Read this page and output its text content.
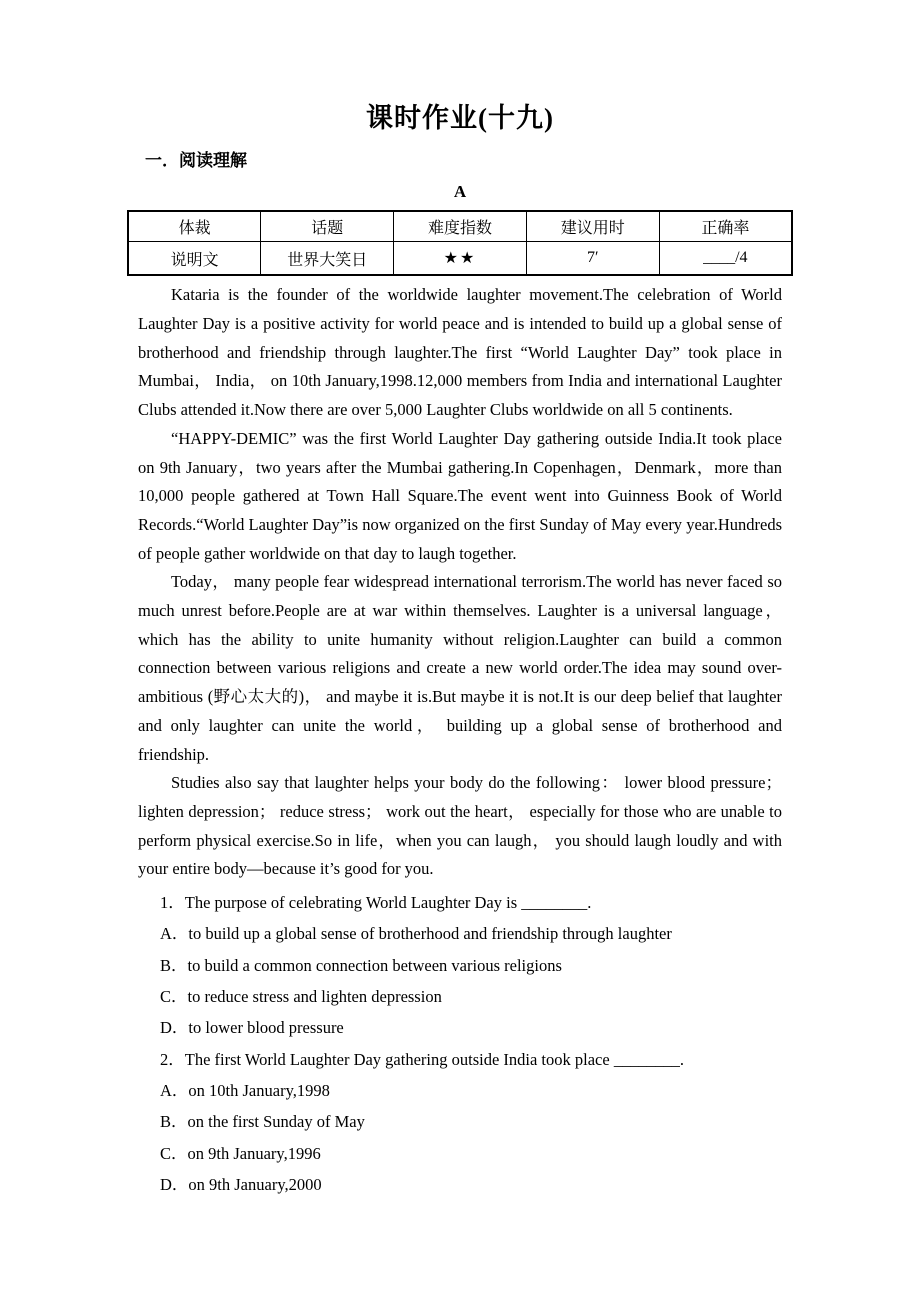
课时作业(十九)
一．阅读理解
A
体裁	话题	难度指数	建议用时	正确率
说明文	世界大笑日	★★	7′	____/4

Kataria is the founder of the worldwide laughter movement.The celebration of World Laughter Day is a positive activity for world peace and is intended to build up a global sense of brotherhood and friendship through laughter.The first “World Laughter Day” took place in Mumbai， India， on 10th January,1998.12,000 members from India and international Laughter Clubs attended it.Now there are over 5,000 Laughter Clubs worldwide on all 5 continents.

“HAPPY-DEMIC” was the first World Laughter Day gathering outside India.It took place on 9th January，two years after the Mumbai gathering.In Copenhagen，Denmark，more than 10,000 people gathered at Town Hall Square.The event went into Guinness Book of World Records.“World Laughter Day”is now organized on the first Sunday of May every year.Hundreds of people gather worldwide on that day to laugh together.

Today， many people fear widespread international terrorism.The world has never faced so much unrest before.People are at war within themselves. Laughter is a universal language， which has the ability to unite humanity without religion.Laughter can build a common connection between various religions and create a new world order.The idea may sound over-ambitious (野心太大的)， and maybe it is.But maybe it is not.It is our deep belief that laughter and only laughter can unite the world， building up a global sense of brotherhood and friendship.

Studies also say that laughter helps your body do the following： lower blood pressure； lighten depression； reduce stress； work out the heart， especially for those who are unable to perform physical exercise.So in life，when you can laugh， you should laugh loudly and with your entire body—because it’s good for you.

1．The purpose of celebrating World Laughter Day is ________.
A．to build up a global sense of brotherhood and friendship through laughter
B．to build a common connection between various religions
C．to reduce stress and lighten depression
D．to lower blood pressure
2．The first World Laughter Day gathering outside India took place ________.
A．on 10th January,1998
B．on the first Sunday of May
C．on 9th January,1996
D．on 9th January,2000
